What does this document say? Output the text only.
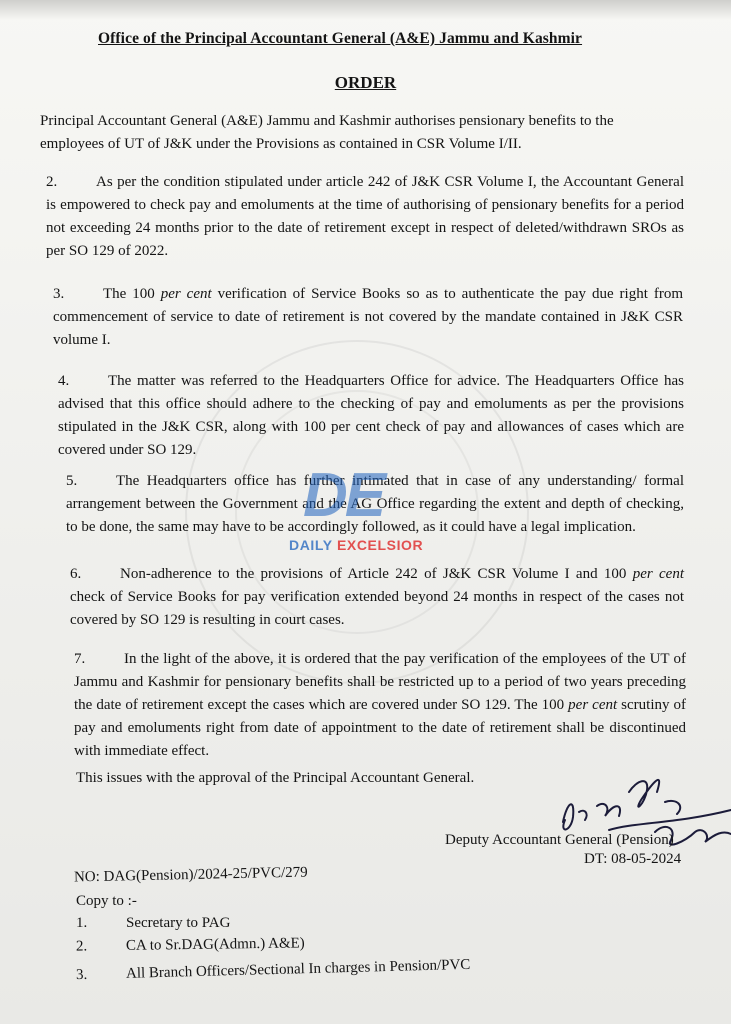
Office of the Principal Accountant General (A&E) Jammu and Kashmir
ORDER
Principal Accountant General (A&E) Jammu and Kashmir authorises pensionary benefits to the
employees of UT of J&K under the Provisions as contained in CSR Volume I/II.
2.	As per the condition stipulated under article 242 of J&K CSR Volume I, the Accountant General is empowered to check pay and emoluments at the time of authorising of pensionary benefits for a period not exceeding 24 months prior to the date of retirement except in respect of deleted/withdrawn SROs as per SO 129 of 2022.
3.	The 100 per cent verification of Service Books so as to authenticate the pay due right from commencement of service to date of retirement is not covered by the mandate contained in J&K CSR volume I.
4.	The matter was referred to the Headquarters Office for advice. The Headquarters Office has advised that this office should adhere to the checking of pay and emoluments as per the provisions stipulated in the J&K CSR, along with 100 per cent check of pay and allowances of cases which are covered under SO 129.
5.	The Headquarters office has further intimated that in case of any understanding/ formal arrangement between the Government and the AG Office regarding the extent and depth of checking, to be done, the same may have to be accordingly followed, as it could have a legal implication.
DE
DAILY EXCELSIOR
6.	Non-adherence to the provisions of Article 242 of J&K CSR Volume I and 100 per cent check of Service Books for pay verification extended beyond 24 months in respect of the cases not covered by SO 129 is resulting in court cases.
7.	In the light of the above, it is ordered that the pay verification of the employees of the UT of Jammu and Kashmir for pensionary benefits shall be restricted up to a period of two years preceding the date of retirement except the cases which are covered under SO 129. The 100 per cent scrutiny of pay and emoluments right from date of appointment to the date of retirement shall be discontinued with immediate effect.
This issues with the approval of the Principal Accountant General.
Deputy Accountant General (Pension)
DT: 08-05-2024
NO: DAG(Pension)/2024-25/PVC/279
Copy to :-
1.	Secretary to PAG
2.	CA to Sr.DAG(Admn.) A&E)
3.	All Branch Officers/Sectional In charges in Pension/PVC
